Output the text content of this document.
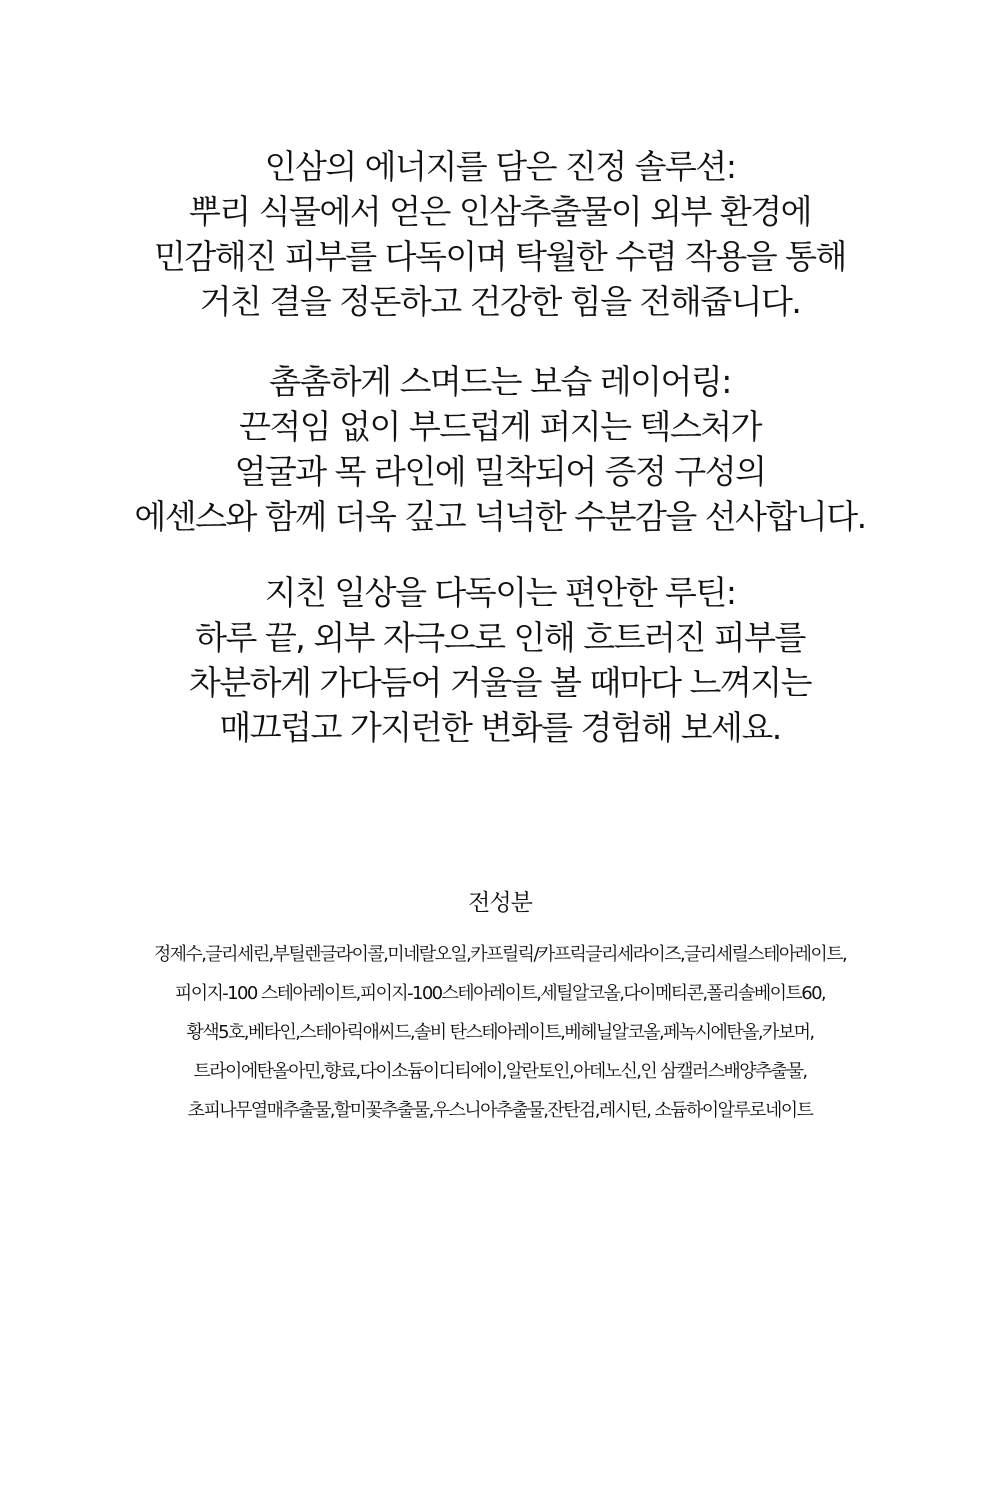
인삼의 에너지를 담은 진정 솔루션:
뿌리 식물에서 얻은 인삼추출물이 외부 환경에
민감해진 피부를 다독이며 탁월한 수렴 작용을 통해
거친 결을 정돈하고 건강한 힘을 전해줍니다.
촘촘하게 스며드는 보습 레이어링:
끈적임 없이 부드럽게 퍼지는 텍스처가
얼굴과 목 라인에 밀착되어 증정 구성의
에센스와 함께 더욱 깊고 넉넉한 수분감을 선사합니다.
지친 일상을 다독이는 편안한 루틴:
하루 끝, 외부 자극으로 인해 흐트러진 피부를
차분하게 가다듬어 거울을 볼 때마다 느껴지는
매끄럽고 가지런한 변화를 경험해 보세요.
전성분
정제수,글리세린,부틸렌글라이콜,미네랄오일,카프릴릭/카프릭글리세라이즈,글리세릴스테아레이트,
피이지-100 스테아레이트,피이지-100스테아레이트,세틸알코올,다이메티콘,폴리솔베이트60,
황색5호,베타인,스테아릭애씨드,솔비 탄스테아레이트,베헤닐알코올,페녹시에탄올,카보머,
트라이에탄올아민,향료,다이소듐이디티에이,알란토인,아데노신,인 삼캘러스배양추출물,
초피나무열매추출물,할미꽃추출물,우스니아추출물,잔탄검,레시틴, 소듐하이알루로네이트
